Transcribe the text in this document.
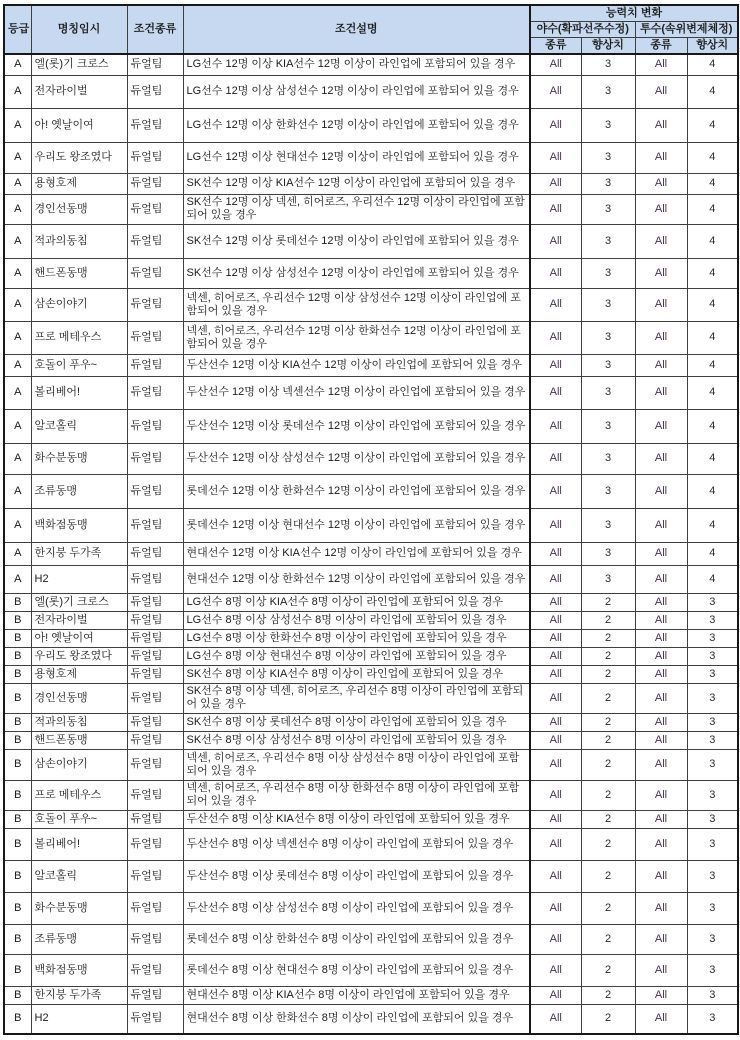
등급	명칭임시	조건종류	조건설명	능력치 변화			
				야수(확파선주수정)		투수(속위변제체정)	
				종류	향상치	종류	향상치
A	엘(롯)기 크로스	듀얼팀	LG선수 12명 이상 KIA선수 12명 이상이 라인업에 포함되어 있을 경우	All	3	All	4
A	전자라이벌	듀얼팀	LG선수 12명 이상 삼성선수 12명 이상이 라인업에 포함되어 있을 경우	All	3	All	4
A	아! 옛날이여	듀얼팀	LG선수 12명 이상 한화선수 12명 이상이 라인업에 포함되어 있을 경우	All	3	All	4
A	우리도 왕조였다	듀얼팀	LG선수 12명 이상 현대선수 12명 이상이 라인업에 포함되어 있을 경우	All	3	All	4
A	용형호제	듀얼팀	SK선수 12명 이상 KIA선수 12명 이상이 라인업에 포함되어 있을 경우	All	3	All	4
A	경인선동맹	듀얼팀	SK선수 12명 이상 넥센, 히어로즈, 우리선수 12명 이상이 라인업에 포함되어 있을 경우	All	3	All	4
A	적과의동침	듀얼팀	SK선수 12명 이상 롯데선수 12명 이상이 라인업에 포함되어 있을 경우	All	3	All	4
A	핸드폰동맹	듀얼팀	SK선수 12명 이상 삼성선수 12명 이상이 라인업에 포함되어 있을 경우	All	3	All	4
A	삼손이야기	듀얼팀	넥센, 히어로즈, 우리선수 12명 이상 삼성선수 12명 이상이 라인업에 포함되어 있을 경우	All	3	All	4
A	프로 메테우스	듀얼팀	넥센, 히어로즈, 우리선수 12명 이상 한화선수 12명 이상이 라인업에 포함되어 있을 경우	All	3	All	4
A	호돌이 푸우~	듀얼팀	두산선수 12명 이상 KIA선수 12명 이상이 라인업에 포함되어 있을 경우	All	3	All	4
A	볼리베어!	듀얼팀	두산선수 12명 이상 넥센선수 12명 이상이 라인업에 포함되어 있을 경우	All	3	All	4
A	알코홀릭	듀얼팀	두산선수 12명 이상 롯데선수 12명 이상이 라인업에 포함되어 있을 경우	All	3	All	4
A	화수분동맹	듀얼팀	두산선수 12명 이상 삼성선수 12명 이상이 라인업에 포함되어 있을 경우	All	3	All	4
A	조류동맹	듀얼팀	롯데선수 12명 이상 한화선수 12명 이상이 라인업에 포함되어 있을 경우	All	3	All	4
A	백화점동맹	듀얼팀	롯데선수 12명 이상 현대선수 12명 이상이 라인업에 포함되어 있을 경우	All	3	All	4
A	한지붕 두가족	듀얼팀	현대선수 12명 이상 KIA선수 12명 이상이 라인업에 포함되어 있을 경우	All	3	All	4
A	H2	듀얼팀	현대선수 12명 이상 한화선수 12명 이상이 라인업에 포함되어 있을 경우	All	3	All	4
B	엘(롯)기 크로스	듀얼팀	LG선수 8명 이상 KIA선수 8명 이상이 라인업에 포함되어 있을 경우	All	2	All	3
B	전자라이벌	듀얼팀	LG선수 8명 이상 삼성선수 8명 이상이 라인업에 포함되어 있을 경우	All	2	All	3
B	아! 옛날이여	듀얼팀	LG선수 8명 이상 한화선수 8명 이상이 라인업에 포함되어 있을 경우	All	2	All	3
B	우리도 왕조였다	듀얼팀	LG선수 8명 이상 현대선수 8명 이상이 라인업에 포함되어 있을 경우	All	2	All	3
B	용형호제	듀얼팀	SK선수 8명 이상 KIA선수 8명 이상이 라인업에 포함되어 있을 경우	All	2	All	3
B	경인선동맹	듀얼팀	SK선수 8명 이상 넥센, 히어로즈, 우리선수 8명 이상이 라인업에 포함되어 있을 경우	All	2	All	3
B	적과의동침	듀얼팀	SK선수 8명 이상 롯데선수 8명 이상이 라인업에 포함되어 있을 경우	All	2	All	3
B	핸드폰동맹	듀얼팀	SK선수 8명 이상 삼성선수 8명 이상이 라인업에 포함되어 있을 경우	All	2	All	3
B	삼손이야기	듀얼팀	넥센, 히어로즈, 우리선수 8명 이상 삼성선수 8명 이상이 라인업에 포함되어 있을 경우	All	2	All	3
B	프로 메테우스	듀얼팀	넥센, 히어로즈, 우리선수 8명 이상 한화선수 8명 이상이 라인업에 포함되어 있을 경우	All	2	All	3
B	호돌이 푸우~	듀얼팀	두산선수 8명 이상 KIA선수 8명 이상이 라인업에 포함되어 있을 경우	All	2	All	3
B	볼리베어!	듀얼팀	두산선수 8명 이상 넥센선수 8명 이상이 라인업에 포함되어 있을 경우	All	2	All	3
B	알코홀릭	듀얼팀	두산선수 8명 이상 롯데선수 8명 이상이 라인업에 포함되어 있을 경우	All	2	All	3
B	화수분동맹	듀얼팀	두산선수 8명 이상 삼성선수 8명 이상이 라인업에 포함되어 있을 경우	All	2	All	3
B	조류동맹	듀얼팀	롯데선수 8명 이상 한화선수 8명 이상이 라인업에 포함되어 있을 경우	All	2	All	3
B	백화점동맹	듀얼팀	롯데선수 8명 이상 현대선수 8명 이상이 라인업에 포함되어 있을 경우	All	2	All	3
B	한지붕 두가족	듀얼팀	현대선수 8명 이상 KIA선수 8명 이상이 라인업에 포함되어 있을 경우	All	2	All	3
B	H2	듀얼팀	현대선수 8명 이상 한화선수 8명 이상이 라인업에 포함되어 있을 경우	All	2	All	3
